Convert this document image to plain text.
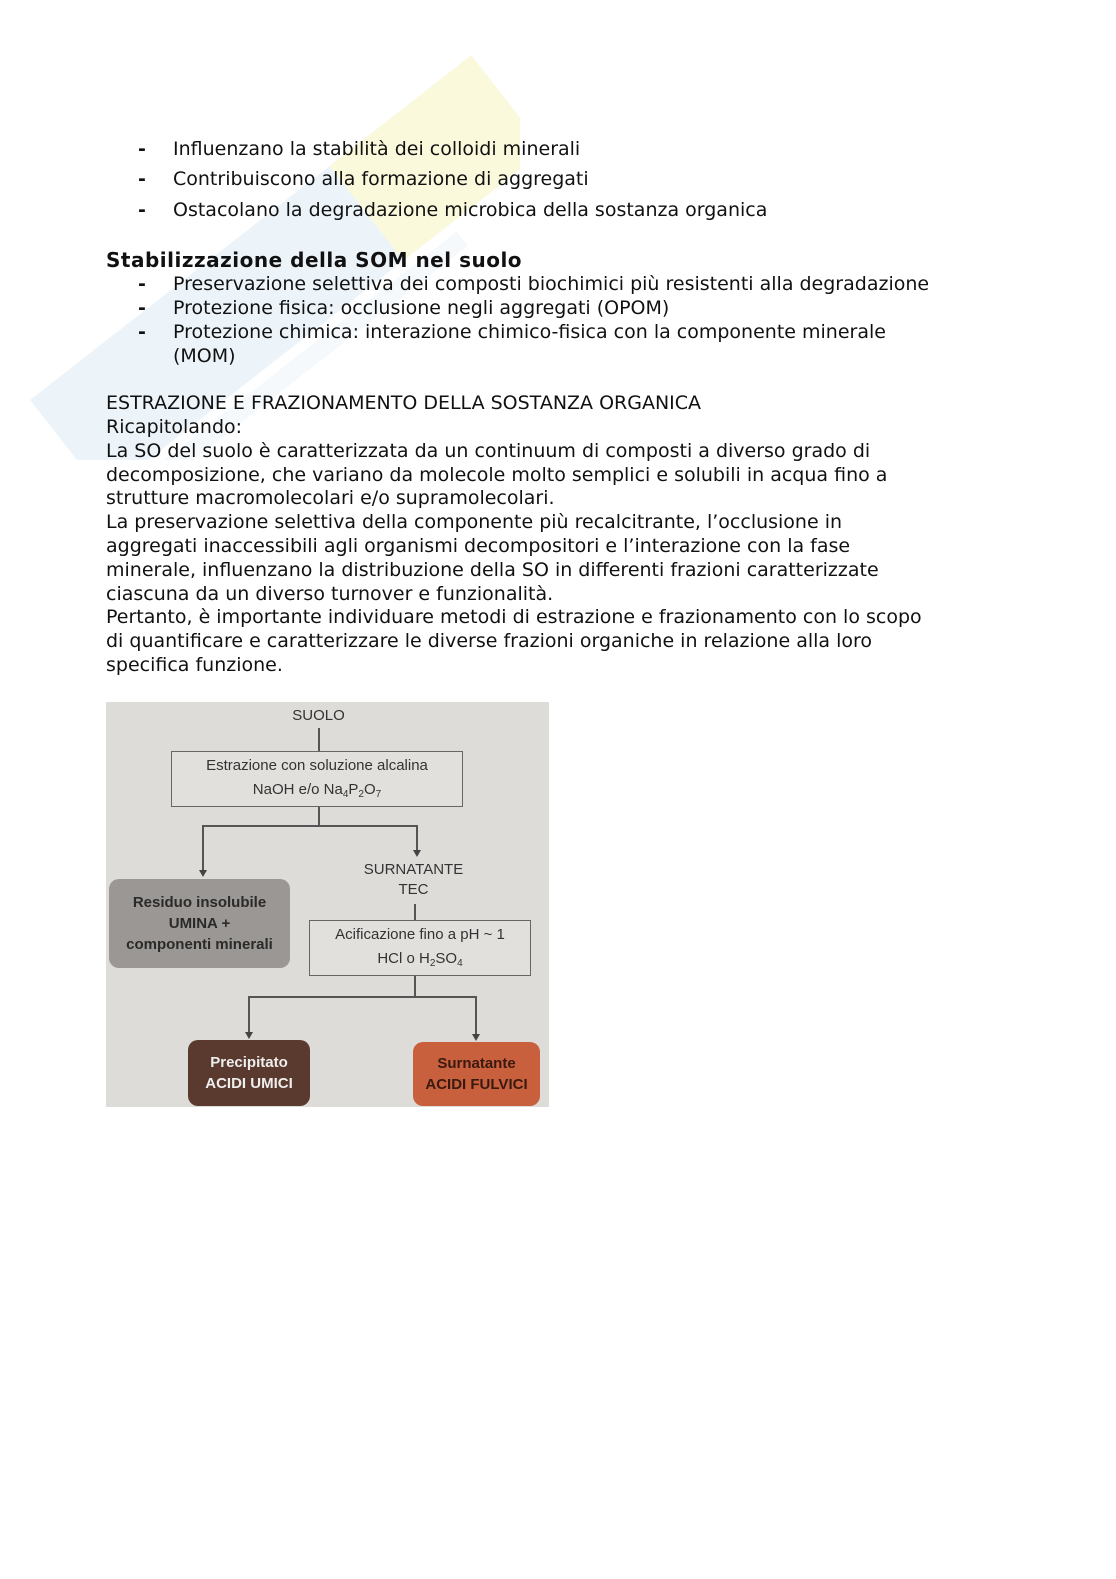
- Influenzano la stabilità dei colloidi minerali
- Contribuiscono alla formazione di aggregati
- Ostacolano la degradazione microbica della sostanza organica
Stabilizzazione della SOM nel suolo
- Preservazione selettiva dei composti biochimici più resistenti alla degradazione
- Protezione fisica: occlusione negli aggregati (OPOM)
- Protezione chimica: interazione chimico-fisica con la componente minerale
(MOM)
ESTRAZIONE E FRAZIONAMENTO DELLA SOSTANZA ORGANICA
Ricapitolando:
La SO del suolo è caratterizzata da un continuum di composti a diverso grado di
decomposizione, che variano da molecole molto semplici e solubili in acqua fino a
strutture macromolecolari e/o supramolecolari.
La preservazione selettiva della componente più recalcitrante, l’occlusione in
aggregati inaccessibili agli organismi decompositori e l’interazione con la fase
minerale, influenzano la distribuzione della SO in differenti frazioni caratterizzate
ciascuna da un diverso turnover e funzionalità.
Pertanto, è importante individuare metodi di estrazione e frazionamento con lo scopo
di quantificare e caratterizzare le diverse frazioni organiche in relazione alla loro
specifica funzione.
SUOLO
Estrazione con soluzione alcalina
NaOH e/o $Na_4P_2O_7$
Residuo insolubile
UMINA +
componenti minerali
SURNATANTE
TEC
Acificazione fino a pH ~ 1
HCl o $H_2SO_4$
Precipitato
ACIDI UMICI
Surnatante
ACIDI FULVICI
